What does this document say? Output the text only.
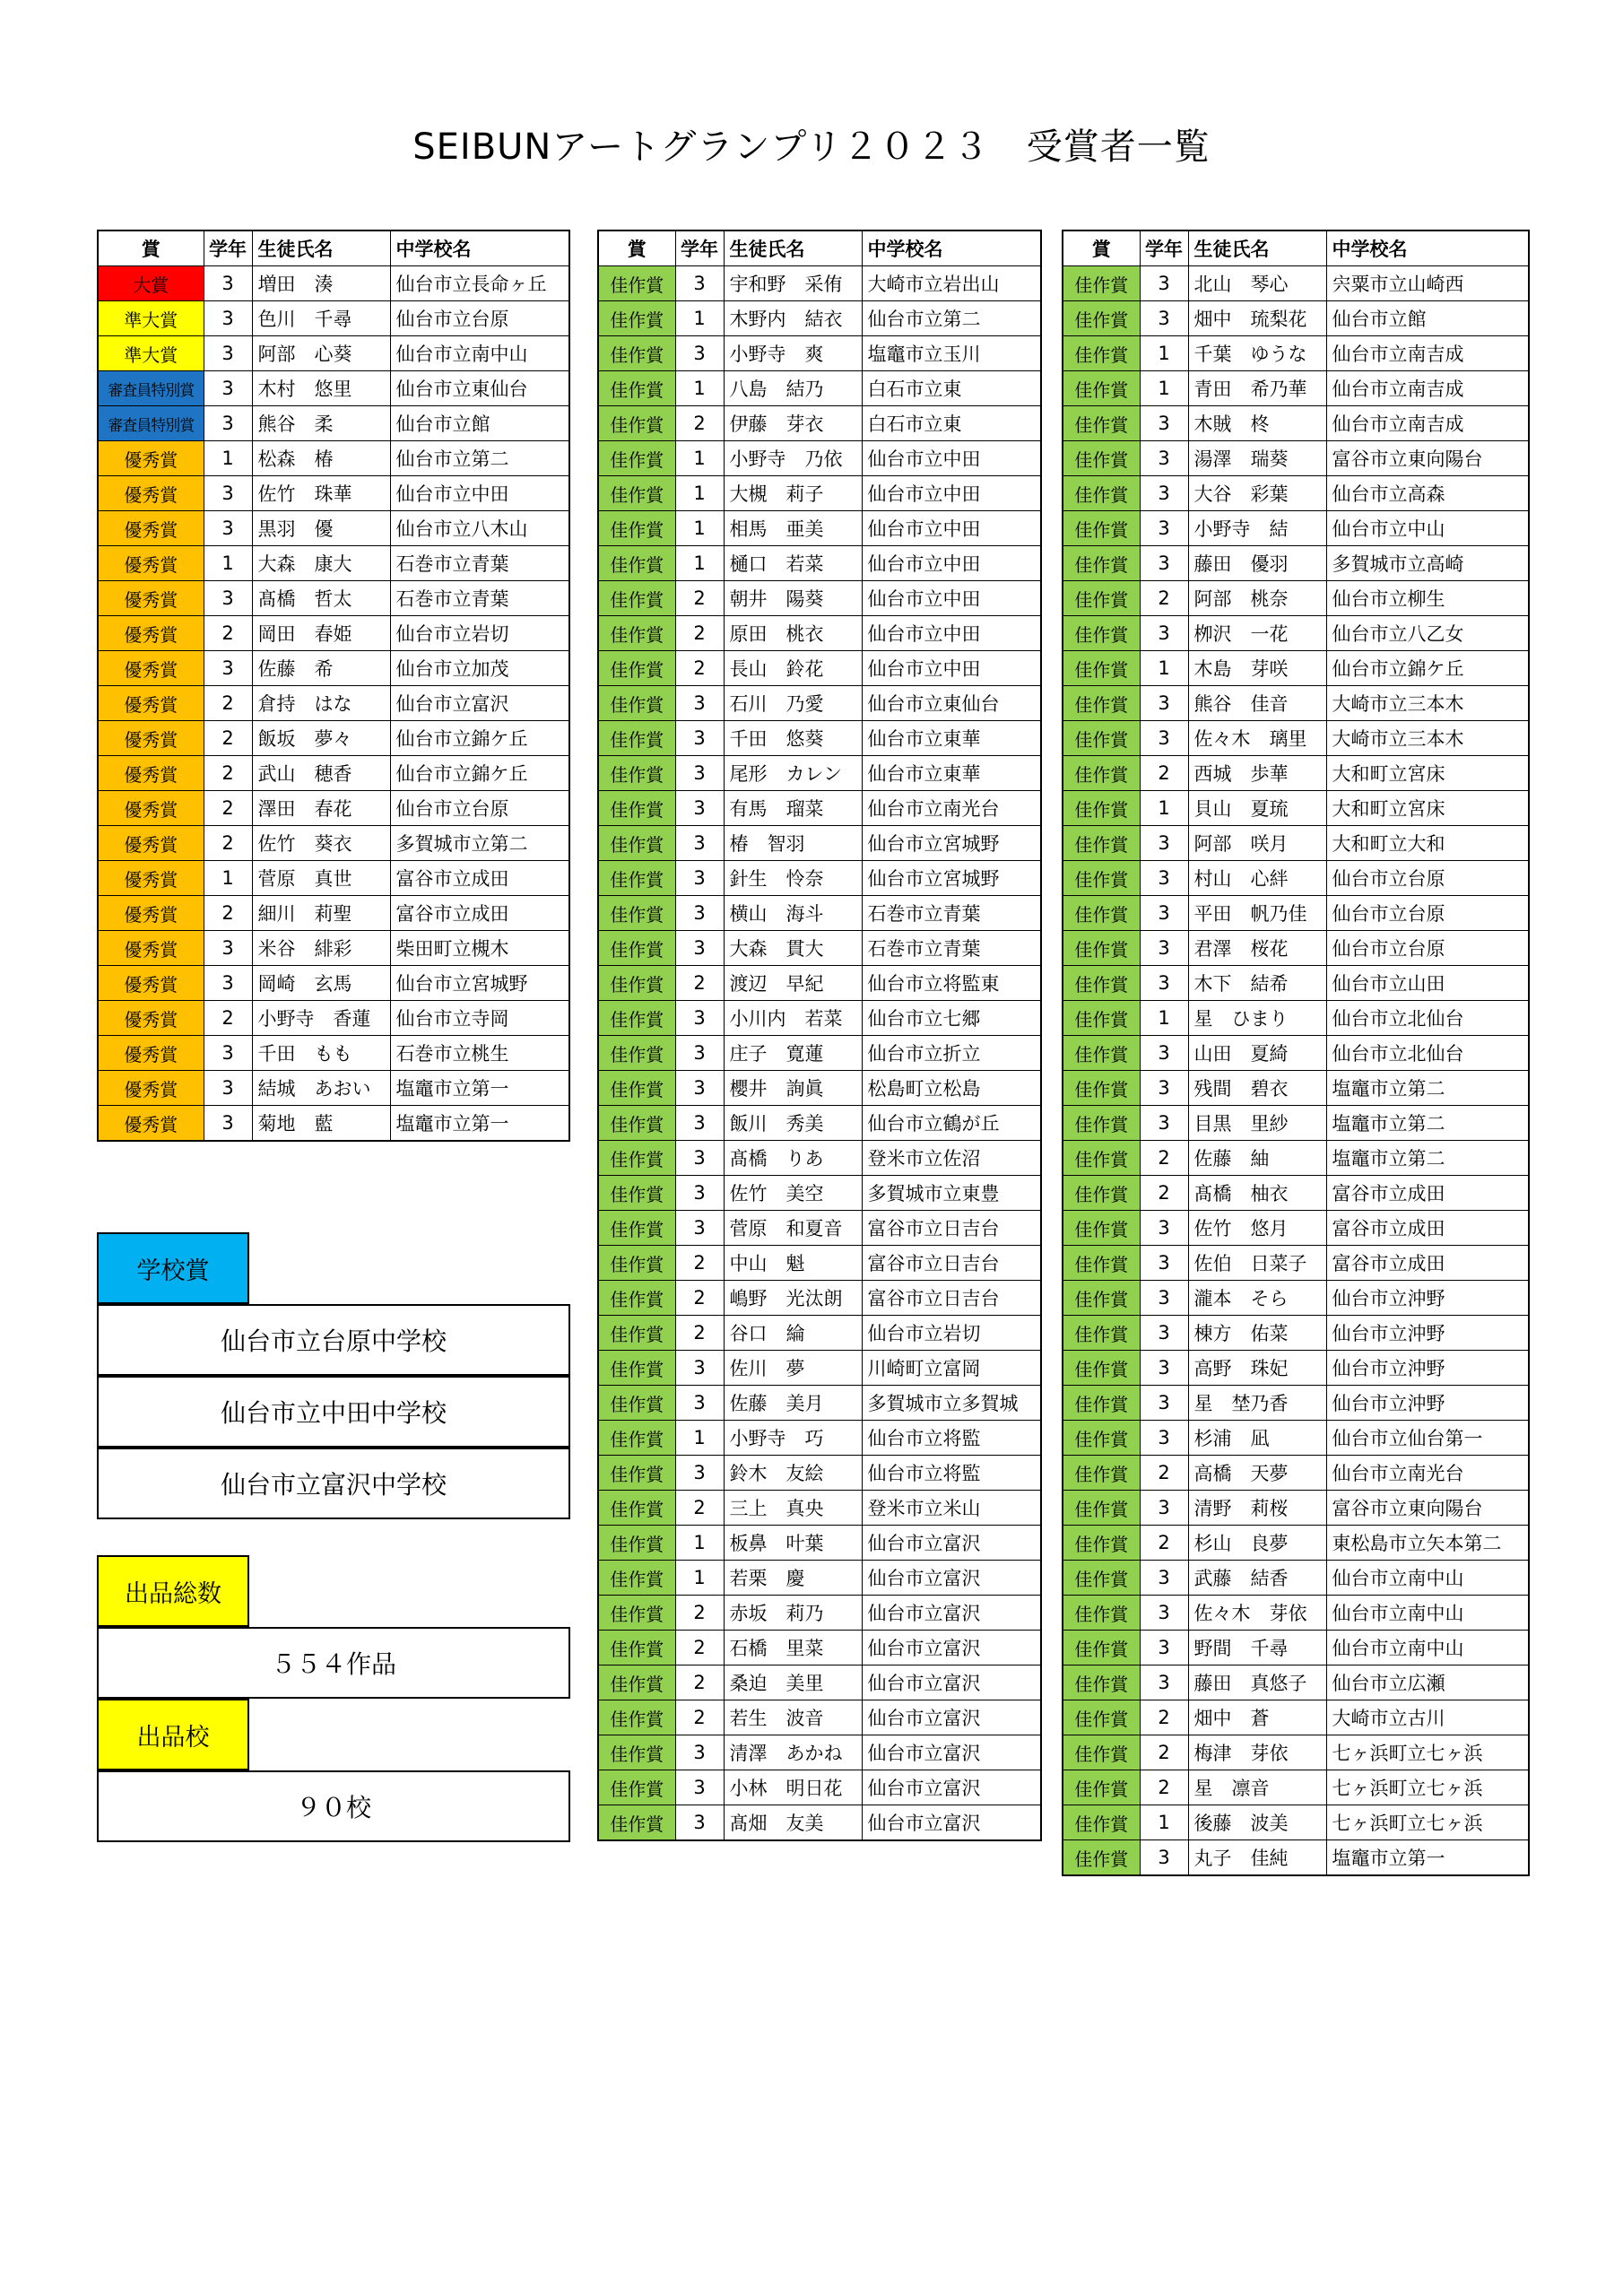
SEIBUNアートグランプリ２０２３　受賞者一覧
賞	学年	生徒氏名	中学校名
大賞	3	増田　湊	仙台市立長命ヶ丘
準大賞	3	色川　千尋	仙台市立台原
準大賞	3	阿部　心葵	仙台市立南中山
審査員特別賞	3	木村　悠里	仙台市立東仙台
審査員特別賞	3	熊谷　柔	仙台市立館
優秀賞	1	松森　椿	仙台市立第二
優秀賞	3	佐竹　珠華	仙台市立中田
優秀賞	3	黒羽　優	仙台市立八木山
優秀賞	1	大森　康大	石巻市立青葉
優秀賞	3	髙橋　哲太	石巻市立青葉
優秀賞	2	岡田　春姫	仙台市立岩切
優秀賞	3	佐藤　希	仙台市立加茂
優秀賞	2	倉持　はな	仙台市立富沢
優秀賞	2	飯坂　夢々	仙台市立錦ケ丘
優秀賞	2	武山　穂香	仙台市立錦ケ丘
優秀賞	2	澤田　春花	仙台市立台原
優秀賞	2	佐竹　葵衣	多賀城市立第二
優秀賞	1	菅原　真世	富谷市立成田
優秀賞	2	細川　莉聖	富谷市立成田
優秀賞	3	米谷　緋彩	柴田町立槻木
優秀賞	3	岡崎　玄馬	仙台市立宮城野
優秀賞	2	小野寺　香蓮	仙台市立寺岡
優秀賞	3	千田　もも	石巻市立桃生
優秀賞	3	結城　あおい	塩竈市立第一
優秀賞	3	菊地　藍	塩竈市立第一
賞	学年	生徒氏名	中学校名
佳作賞	3	宇和野　采侑	大崎市立岩出山
佳作賞	1	木野内　結衣	仙台市立第二
佳作賞	3	小野寺　爽	塩竈市立玉川
佳作賞	1	八島　結乃	白石市立東
佳作賞	2	伊藤　芽衣	白石市立東
佳作賞	1	小野寺　乃依	仙台市立中田
佳作賞	1	大槻　莉子	仙台市立中田
佳作賞	1	相馬　亜美	仙台市立中田
佳作賞	1	樋口　若菜	仙台市立中田
佳作賞	2	朝井　陽葵	仙台市立中田
佳作賞	2	原田　桃衣	仙台市立中田
佳作賞	2	長山　鈴花	仙台市立中田
佳作賞	3	石川　乃愛	仙台市立東仙台
佳作賞	3	千田　悠葵	仙台市立東華
佳作賞	3	尾形　カレン	仙台市立東華
佳作賞	3	有馬　瑠菜	仙台市立南光台
佳作賞	3	椿　智羽	仙台市立宮城野
佳作賞	3	針生　怜奈	仙台市立宮城野
佳作賞	3	横山　海斗	石巻市立青葉
佳作賞	3	大森　貫大	石巻市立青葉
佳作賞	2	渡辺　早紀	仙台市立将監東
佳作賞	3	小川内　若菜	仙台市立七郷
佳作賞	3	庄子　寛蓮	仙台市立折立
佳作賞	3	櫻井　詢眞	松島町立松島
佳作賞	3	飯川　秀美	仙台市立鶴が丘
佳作賞	3	髙橋　りあ	登米市立佐沼
佳作賞	3	佐竹　美空	多賀城市立東豊
佳作賞	3	菅原　和夏音	富谷市立日吉台
佳作賞	2	中山　魁	富谷市立日吉台
佳作賞	2	嶋野　光汰朗	富谷市立日吉台
佳作賞	2	谷口　綸	仙台市立岩切
佳作賞	3	佐川　夢	川崎町立富岡
佳作賞	3	佐藤　美月	多賀城市立多賀城
佳作賞	1	小野寺　巧	仙台市立将監
佳作賞	3	鈴木　友絵	仙台市立将監
佳作賞	2	三上　真央	登米市立米山
佳作賞	1	板鼻　叶葉	仙台市立富沢
佳作賞	1	若栗　慶	仙台市立富沢
佳作賞	2	赤坂　莉乃	仙台市立富沢
佳作賞	2	石橋　里菜	仙台市立富沢
佳作賞	2	桑迫　美里	仙台市立富沢
佳作賞	2	若生　波音	仙台市立富沢
佳作賞	3	清澤　あかね	仙台市立富沢
佳作賞	3	小林　明日花	仙台市立富沢
佳作賞	3	髙畑　友美	仙台市立富沢
賞	学年	生徒氏名	中学校名
佳作賞	3	北山　琴心	宍粟市立山崎西
佳作賞	3	畑中　琉梨花	仙台市立館
佳作賞	1	千葉　ゆうな	仙台市立南吉成
佳作賞	1	青田　希乃華	仙台市立南吉成
佳作賞	3	木賊　柊	仙台市立南吉成
佳作賞	3	湯澤　瑞葵	富谷市立東向陽台
佳作賞	3	大谷　彩葉	仙台市立高森
佳作賞	3	小野寺　結	仙台市立中山
佳作賞	3	藤田　優羽	多賀城市立高崎
佳作賞	2	阿部　桃奈	仙台市立柳生
佳作賞	3	栁沢　一花	仙台市立八乙女
佳作賞	1	木島　芽咲	仙台市立錦ケ丘
佳作賞	3	熊谷　佳音	大崎市立三本木
佳作賞	3	佐々木　璃里	大崎市立三本木
佳作賞	2	西城　歩華	大和町立宮床
佳作賞	1	貝山　夏琉	大和町立宮床
佳作賞	3	阿部　咲月	大和町立大和
佳作賞	3	村山　心絆	仙台市立台原
佳作賞	3	平田　帆乃佳	仙台市立台原
佳作賞	3	君澤　桜花	仙台市立台原
佳作賞	3	木下　結希	仙台市立山田
佳作賞	1	星　ひまり	仙台市立北仙台
佳作賞	3	山田　夏綺	仙台市立北仙台
佳作賞	3	残間　碧衣	塩竈市立第二
佳作賞	3	目黒　里紗	塩竈市立第二
佳作賞	2	佐藤　紬	塩竈市立第二
佳作賞	2	髙橋　柚衣	富谷市立成田
佳作賞	3	佐竹　悠月	富谷市立成田
佳作賞	3	佐伯　日菜子	富谷市立成田
佳作賞	3	瀧本　そら	仙台市立沖野
佳作賞	3	棟方　佑菜	仙台市立沖野
佳作賞	3	高野　珠妃	仙台市立沖野
佳作賞	3	星　埜乃香	仙台市立沖野
佳作賞	3	杉浦　凪	仙台市立仙台第一
佳作賞	2	高橋　天夢	仙台市立南光台
佳作賞	3	清野　莉桜	富谷市立東向陽台
佳作賞	2	杉山　良夢	東松島市立矢本第二
佳作賞	3	武藤　結香	仙台市立南中山
佳作賞	3	佐々木　芽依	仙台市立南中山
佳作賞	3	野間　千尋	仙台市立南中山
佳作賞	3	藤田　真悠子	仙台市立広瀬
佳作賞	2	畑中　蒼	大崎市立古川
佳作賞	2	梅津　芽依	七ヶ浜町立七ヶ浜
佳作賞	2	星　凛音	七ヶ浜町立七ヶ浜
佳作賞	1	後藤　波美	七ヶ浜町立七ヶ浜
佳作賞	3	丸子　佳純	塩竈市立第一
学校賞
仙台市立台原中学校
仙台市立中田中学校
仙台市立富沢中学校
出品総数
５５４作品
出品校
９０校
